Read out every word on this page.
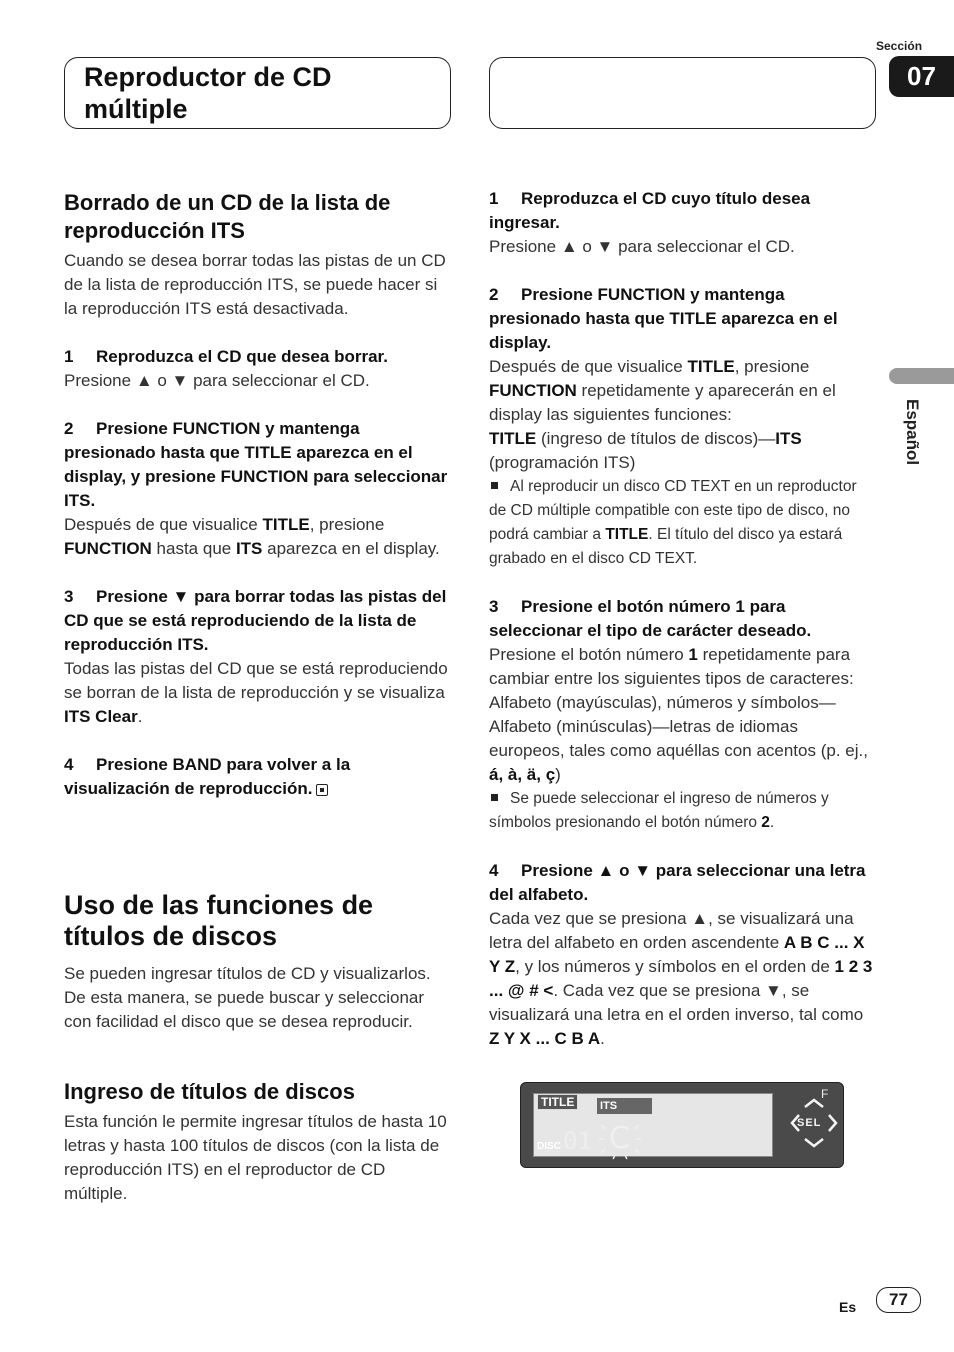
Reproductor de CD múltiple
Sección
07
Español

Borrado de un CD de la lista de reproducción ITS

Cuando se desea borrar todas las pistas de un CD de la lista de reproducción ITS, se puede hacer si la reproducción ITS está desactivada.

1 Reproduzca el CD que desea borrar.

Presione ▲ o ▼ para seleccionar el CD.

2 Presione FUNCTION y mantenga presionado hasta que TITLE aparezca en el display, y presione FUNCTION para seleccionar ITS.

Después de que visualice TITLE, presione FUNCTION hasta que ITS aparezca en el display.

3 Presione ▼ para borrar todas las pistas del CD que se está reproduciendo de la lista de reproducción ITS.

Todas las pistas del CD que se está reproduciendo se borran de la lista de reproducción y se visualiza ITS Clear.

4 Presione BAND para volver a la visualización de reproducción.

Uso de las funciones de títulos de discos

Se pueden ingresar títulos de CD y visualizarlos. De esta manera, se puede buscar y seleccionar con facilidad el disco que se desea reproducir.

Ingreso de títulos de discos

Esta función le permite ingresar títulos de hasta 10 letras y hasta 100 títulos de discos (con la lista de reproducción ITS) en el reproductor de CD múltiple.

1 Reproduzca el CD cuyo título desea ingresar.

Presione ▲ o ▼ para seleccionar el CD.

2 Presione FUNCTION y mantenga presionado hasta que TITLE aparezca en el display.

Después de que visualice TITLE, presione FUNCTION repetidamente y aparecerán en el display las siguientes funciones:

TITLE (ingreso de títulos de discos)—ITS (programación ITS)

Al reproducir un disco CD TEXT en un reproductor de CD múltiple compatible con este tipo de disco, no podrá cambiar a TITLE. El título del disco ya estará grabado en el disco CD TEXT.

3 Presione el botón número 1 para seleccionar el tipo de carácter deseado.

Presione el botón número 1 repetidamente para cambiar entre los siguientes tipos de caracteres:

Alfabeto (mayúsculas), números y símbolos—Alfabeto (minúsculas)—letras de idiomas europeos, tales como aquéllas con acentos (p. ej., á, à, ä, ç)

Se puede seleccionar el ingreso de números y símbolos presionando el botón número 2.

4 Presione ▲ o ▼ para seleccionar una letra del alfabeto.

Cada vez que se presiona ▲, se visualizará una letra del alfabeto en orden ascendente A B C ... X Y Z, y los números y símbolos en el orden de 1 2 3 ... @ # <. Cada vez que se presiona ▼, se visualizará una letra en el orden inverso, tal como Z Y X ... C B A.

TITLE	ITS
DISC 01 C
F
SEL
Es	77
